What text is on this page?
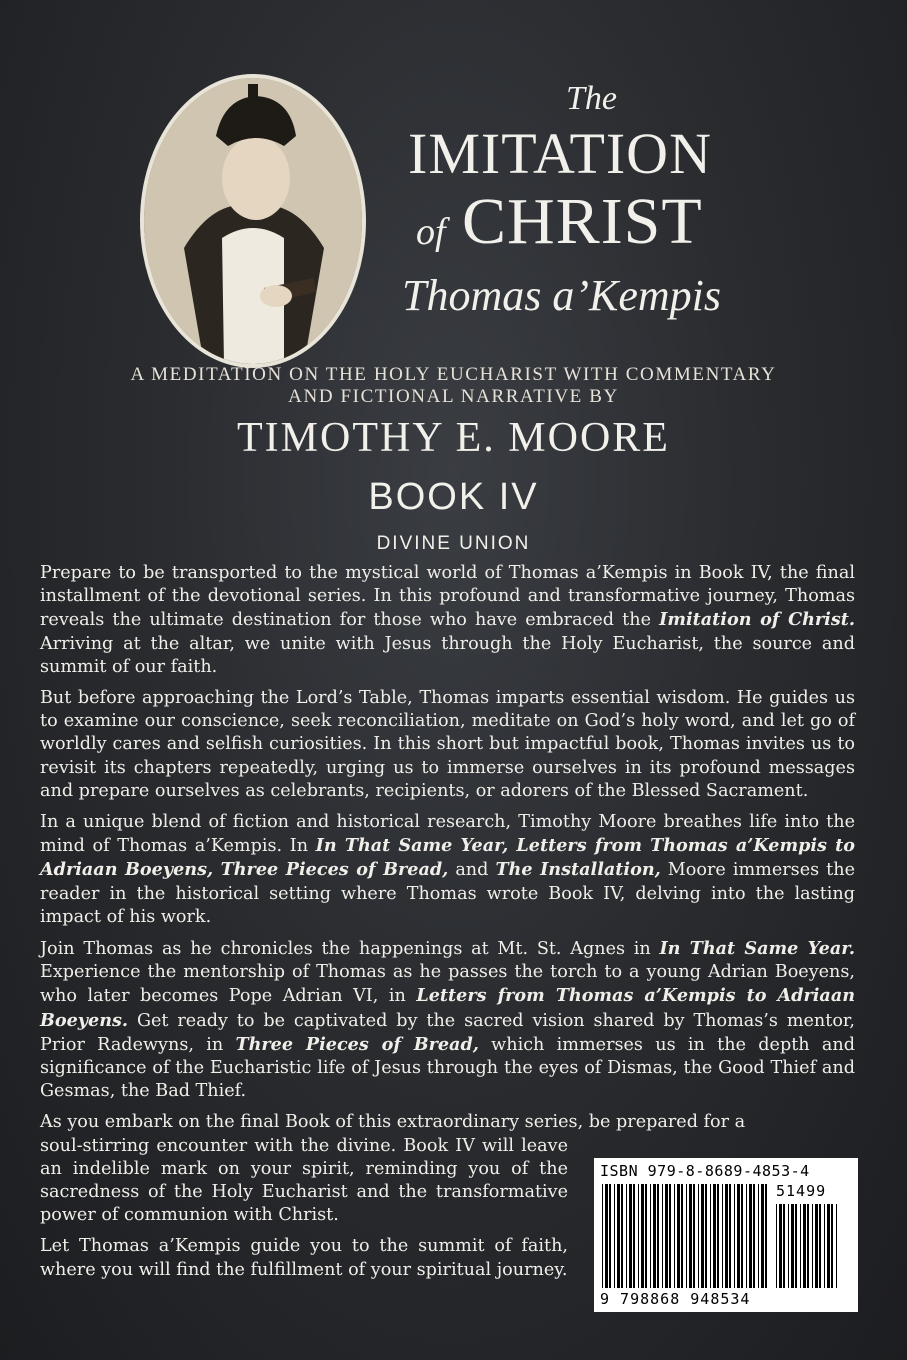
The
IMITATION
of CHRIST
Thomas a’Kempis
A MEDITATION ON THE HOLY EUCHARIST WITH COMMENTARY
AND FICTIONAL NARRATIVE BY
TIMOTHY E. MOORE
BOOK IV
DIVINE UNION

Prepare to be transported to the mystical world of Thomas a’Kempis in Book IV, the final installment of the devotional series. In this profound and transformative journey, Thomas reveals the ultimate destination for those who have embraced the Imitation of Christ. Arriving at the altar, we unite with Jesus through the Holy Eucharist, the source and summit of our faith.

But before approaching the Lord’s Table, Thomas imparts essential wisdom. He guides us to examine our conscience, seek reconciliation, meditate on God’s holy word, and let go of worldly cares and selfish curiosities. In this short but impactful book, Thomas invites us to revisit its chapters repeatedly, urging us to immerse ourselves in its profound messages and prepare ourselves as celebrants, recipients, or adorers of the Blessed Sacrament.

In a unique blend of fiction and historical research, Timothy Moore breathes life into the mind of Thomas a’Kempis. In In That Same Year, Letters from Thomas a’Kempis to Adriaan Boeyens, Three Pieces of Bread, and The Installation, Moore immerses the reader in the historical setting where Thomas wrote Book IV, delving into the lasting impact of his work.

Join Thomas as he chronicles the happenings at Mt. St. Agnes in In That Same Year. Experience the mentorship of Thomas as he passes the torch to a young Adrian Boeyens, who later becomes Pope Adrian VI, in Letters from Thomas a’Kempis to Adriaan Boeyens. Get ready to be captivated by the sacred vision shared by Thomas’s mentor, Prior Radewyns, in Three Pieces of Bread, which immerses us in the depth and significance of the Eucharistic life of Jesus through the eyes of Dismas, the Good Thief and Gesmas, the Bad Thief.

As you embark on the final Book of this extraordinary series, be prepared for a

soul-stirring encounter with the divine. Book IV will leave an indelible mark on your spirit, reminding you of the sacredness of the Holy Eucharist and the transformative power of communion with Christ.

Let Thomas a’Kempis guide you to the summit of faith, where you will find the fulfillment of your spiritual journey.

ISBN 979-8-8689-4853-4
51499
9 798868 948534
